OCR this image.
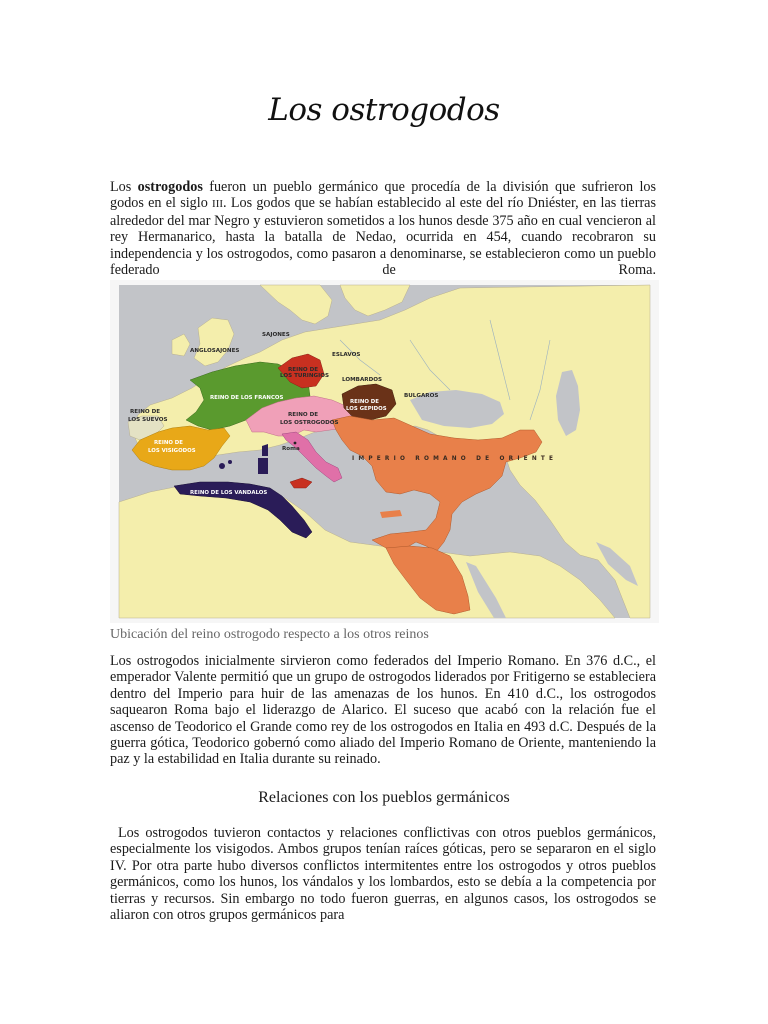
Los ostrogodos

Los ostrogodos fueron un pueblo germánico que procedía de la división que sufrieron los godos en el siglo III. Los godos que se habían establecido al este del río Dniéster, en las tierras alrededor del mar Negro y estuvieron sometidos a los hunos desde 375 año en cual vencieron al rey Hermanarico, hasta la batalla de Nedao, ocurrida en 454, cuando recobraron su independencia y los ostrogodos, como pasaron a denominarse, se establecieron como un pueblo federado de Roma.

SAJONES
ANGLOSAJONES
ESLAVOS
REINO DE
LOS TURINGIOS
LOMBARDOS
REINO DE LOS FRANCOS
REINO DE
LOS GEPIDOS
BULGAROS
REINO DE
LOS SUEVOS
REINO DE
LOS OSTROGODOS
REINO DE
LOS VISIGODOS	Roma
IMPERIO ROMANO DE ORIENTE
REINO DE LOS VANDALOS
Ubicación del reino ostrogodo respecto a los otros reinos

Los ostrogodos inicialmente sirvieron como federados del Imperio Romano. En 376 d.C., el emperador Valente permitió que un grupo de ostrogodos liderados por Fritigerno se estableciera dentro del Imperio para huir de las amenazas de los hunos. En 410 d.C., los ostrogodos saquearon Roma bajo el liderazgo de Alarico. El suceso que acabó con la relación fue el ascenso de Teodorico el Grande como rey de los ostrogodos en Italia en 493 d.C. Después de la guerra gótica, Teodorico gobernó como aliado del Imperio Romano de Oriente, manteniendo la paz y la estabilidad en Italia durante su reinado.

Relaciones con los pueblos germánicos

Los ostrogodos tuvieron contactos y relaciones conflictivas con otros pueblos germánicos, especialmente los visigodos. Ambos grupos tenían raíces góticas, pero se separaron en el siglo IV. Por otra parte hubo diversos conflictos intermitentes entre los ostrogodos y otros pueblos germánicos, como los hunos, los vándalos y los lombardos, esto se debía a la competencia por tierras y recursos. Sin embargo no todo fueron guerras, en algunos casos, los ostrogodos se aliaron con otros grupos germánicos para
